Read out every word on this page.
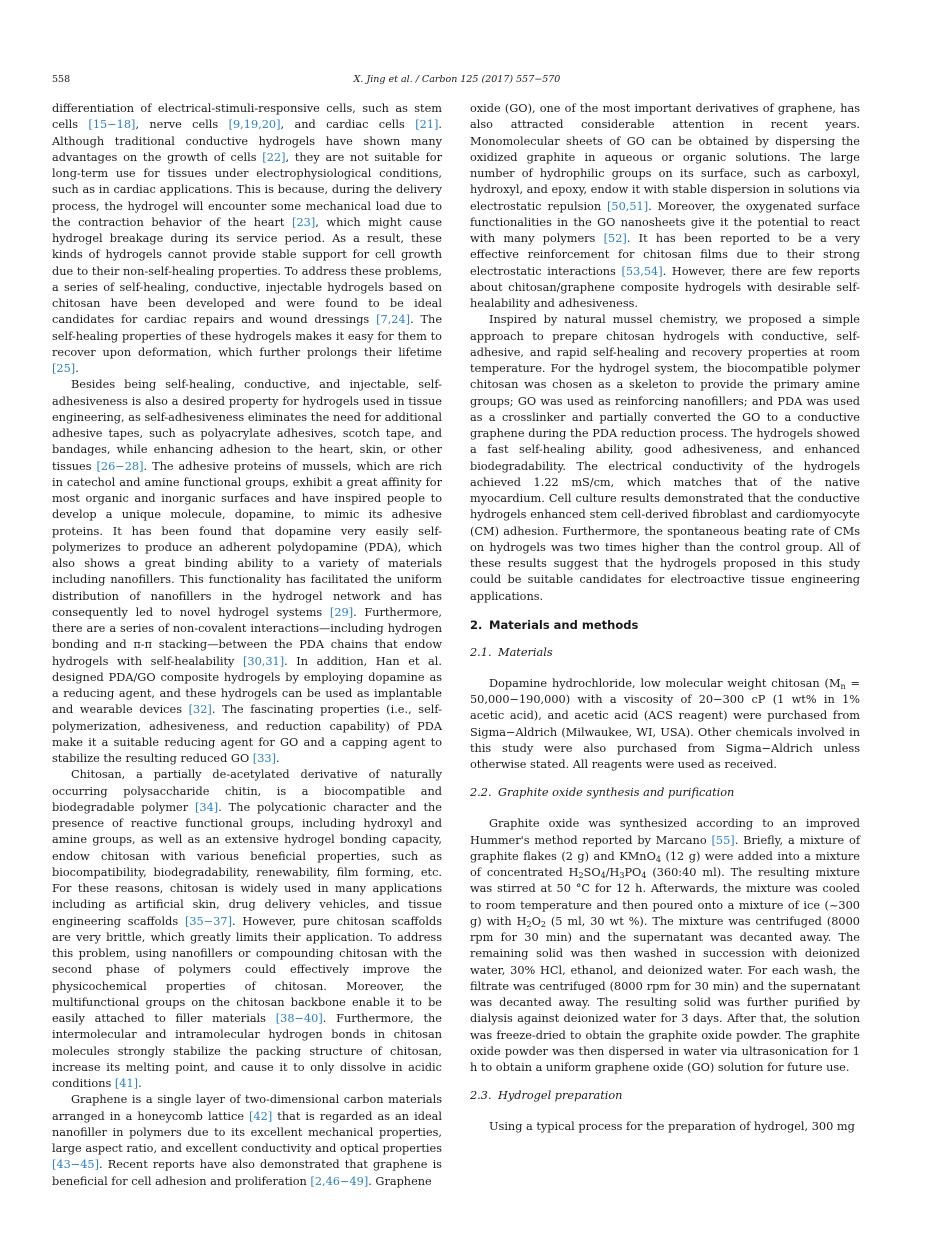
558	X. Jing et al. / Carbon 125 (2017) 557−570

differentiation of electrical-stimuli-responsive cells, such as stem cells [15−18], nerve cells [9,19,20], and cardiac cells [21]. Although traditional conductive hydrogels have shown many advantages on the growth of cells [22], they are not suitable for long-term use for tissues under electrophysiological conditions, such as in cardiac applications. This is because, during the delivery process, the hydrogel will encounter some mechanical load due to the contraction behavior of the heart [23], which might cause hydrogel breakage during its service period. As a result, these kinds of hydrogels cannot provide stable support for cell growth due to their non-self-healing properties. To address these problems, a series of self-healing, conductive, injectable hydrogels based on chitosan have been developed and were found to be ideal candidates for cardiac repairs and wound dressings [7,24]. The self-healing properties of these hydrogels makes it easy for them to recover upon deformation, which further prolongs their lifetime [25].

Besides being self-healing, conductive, and injectable, self-adhesiveness is also a desired property for hydrogels used in tissue engineering, as self-adhesiveness eliminates the need for additional adhesive tapes, such as polyacrylate adhesives, scotch tape, and bandages, while enhancing adhesion to the heart, skin, or other tissues [26−28]. The adhesive proteins of mussels, which are rich in catechol and amine functional groups, exhibit a great affinity for most organic and inorganic surfaces and have inspired people to develop a unique molecule, dopamine, to mimic its adhesive proteins. It has been found that dopamine very easily self-polymerizes to produce an adherent polydopamine (PDA), which also shows a great binding ability to a variety of materials including nanofillers. This functionality has facilitated the uniform distribution of nanofillers in the hydrogel network and has consequently led to novel hydrogel systems [29]. Furthermore, there are a series of non-covalent interactions—including hydrogen bonding and π-π stacking—between the PDA chains that endow hydrogels with self-healability [30,31]. In addition, Han et al. designed PDA/GO composite hydrogels by employing dopamine as a reducing agent, and these hydrogels can be used as implantable and wearable devices [32]. The fascinating properties (i.e., self-polymerization, adhesiveness, and reduction capability) of PDA make it a suitable reducing agent for GO and a capping agent to stabilize the resulting reduced GO [33].

Chitosan, a partially de-acetylated derivative of naturally occurring polysaccharide chitin, is a biocompatible and biodegradable polymer [34]. The polycationic character and the presence of reactive functional groups, including hydroxyl and amine groups, as well as an extensive hydrogel bonding capacity, endow chitosan with various beneficial properties, such as biocompatibility, biodegradability, renewability, film forming, etc. For these reasons, chitosan is widely used in many applications including as artificial skin, drug delivery vehicles, and tissue engineering scaffolds [35−37]. However, pure chitosan scaffolds are very brittle, which greatly limits their application. To address this problem, using nanofillers or compounding chitosan with the second phase of polymers could effectively improve the physicochemical properties of chitosan. Moreover, the multifunctional groups on the chitosan backbone enable it to be easily attached to filler materials [38−40]. Furthermore, the intermolecular and intramolecular hydrogen bonds in chitosan molecules strongly stabilize the packing structure of chitosan, increase its melting point, and cause it to only dissolve in acidic conditions [41].

Graphene is a single layer of two-dimensional carbon materials arranged in a honeycomb lattice [42] that is regarded as an ideal nanofiller in polymers due to its excellent mechanical properties, large aspect ratio, and excellent conductivity and optical properties [43−45]. Recent reports have also demonstrated that graphene is beneficial for cell adhesion and proliferation [2,46−49]. Graphene

oxide (GO), one of the most important derivatives of graphene, has also attracted considerable attention in recent years. Monomolecular sheets of GO can be obtained by dispersing the oxidized graphite in aqueous or organic solutions. The large number of hydrophilic groups on its surface, such as carboxyl, hydroxyl, and epoxy, endow it with stable dispersion in solutions via electrostatic repulsion [50,51]. Moreover, the oxygenated surface functionalities in the GO nanosheets give it the potential to react with many polymers [52]. It has been reported to be a very effective reinforcement for chitosan films due to their strong electrostatic interactions [53,54]. However, there are few reports about chitosan/graphene composite hydrogels with desirable self-healability and adhesiveness.

Inspired by natural mussel chemistry, we proposed a simple approach to prepare chitosan hydrogels with conductive, self-adhesive, and rapid self-healing and recovery properties at room temperature. For the hydrogel system, the biocompatible polymer chitosan was chosen as a skeleton to provide the primary amine groups; GO was used as reinforcing nanofillers; and PDA was used as a crosslinker and partially converted the GO to a conductive graphene during the PDA reduction process. The hydrogels showed a fast self-healing ability, good adhesiveness, and enhanced biodegradability. The electrical conductivity of the hydrogels achieved 1.22 mS/cm, which matches that of the native myocardium. Cell culture results demonstrated that the conductive hydrogels enhanced stem cell-derived fibroblast and cardiomyocyte (CM) adhesion. Furthermore, the spontaneous beating rate of CMs on hydrogels was two times higher than the control group. All of these results suggest that the hydrogels proposed in this study could be suitable candidates for electroactive tissue engineering applications.

2. Materials and methods
2.1. Materials

Dopamine hydrochloride, low molecular weight chitosan $(M_n = 50,000-190,000)$ with a viscosity of 20−300 cP (1 wt% in 1% acetic acid), and acetic acid (ACS reagent) were purchased from Sigma−Aldrich (Milwaukee, WI, USA). Other chemicals involved in this study were also purchased from Sigma−Aldrich unless otherwise stated. All reagents were used as received.

2.2. Graphite oxide synthesis and purification

Graphite oxide was synthesized according to an improved Hummer's method reported by Marcano [55]. Briefly, a mixture of graphite flakes (2 g) and KMnO$_4$ (12 g) were added into a mixture of concentrated $H_2SO_4/H_3PO_4$ (360:40 ml). The resulting mixture was stirred at 50 °C for 12 h. Afterwards, the mixture was cooled to room temperature and then poured onto a mixture of ice (~300 g) with $H_2O_2$ (5 ml, 30 wt %). The mixture was centrifuged (8000 rpm for 30 min) and the supernatant was decanted away. The remaining solid was then washed in succession with deionized water, 30% HCl, ethanol, and deionized water. For each wash, the filtrate was centrifuged (8000 rpm for 30 min) and the supernatant was decanted away. The resulting solid was further purified by dialysis against deionized water for 3 days. After that, the solution was freeze-dried to obtain the graphite oxide powder. The graphite oxide powder was then dispersed in water via ultrasonication for 1 h to obtain a uniform graphene oxide (GO) solution for future use.

2.3. Hydrogel preparation

Using a typical process for the preparation of hydrogel, 300 mg
